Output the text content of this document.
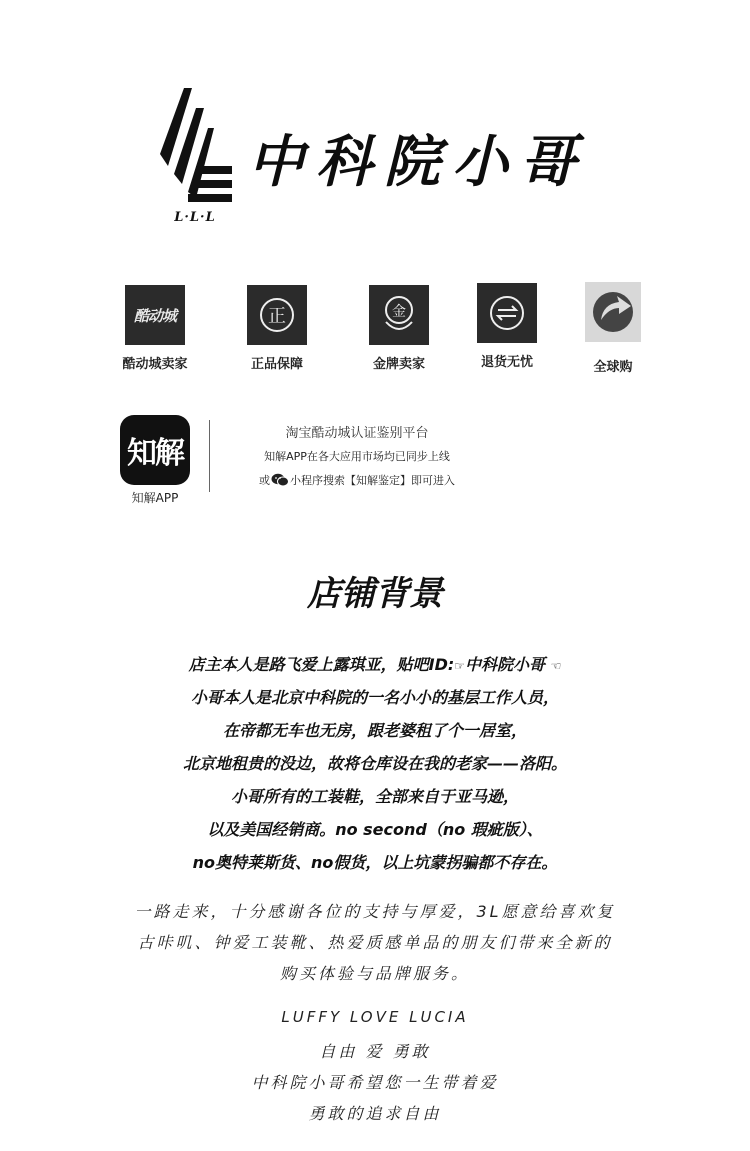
L·L·L
中科院小哥
酷动城
酷动城卖家
正
正品保障
金
金牌卖家	退货无忧	全球购
知解
知解APP
淘宝酷动城认证鉴别平台
知解APP在各大应用市场均已同步上线
或 小程序搜索【知解鉴定】即可进入
店铺背景
店主本人是路飞爱上露琪亚，贴吧ID:☞中科院小哥 ☜
小哥本人是北京中科院的一名小小的基层工作人员，
在帝都无车也无房，跟老婆租了个一居室，
北京地租贵的没边，故将仓库设在我的老家——洛阳。
小哥所有的工装鞋，全部来自于亚马逊，
以及美国经销商。no second（no 瑕疵版）、
no奥特莱斯货、no假货，以上坑蒙拐骗都不存在。
一路走来，十分感谢各位的支持与厚爱，3L愿意给喜欢复
古咔叽、钟爱工装靴、热爱质感单品的朋友们带来全新的
购买体验与品牌服务。
LUFFY LOVE LUCIA
自由 爱 勇敢
中科院小哥希望您一生带着爱
勇敢的追求自由
